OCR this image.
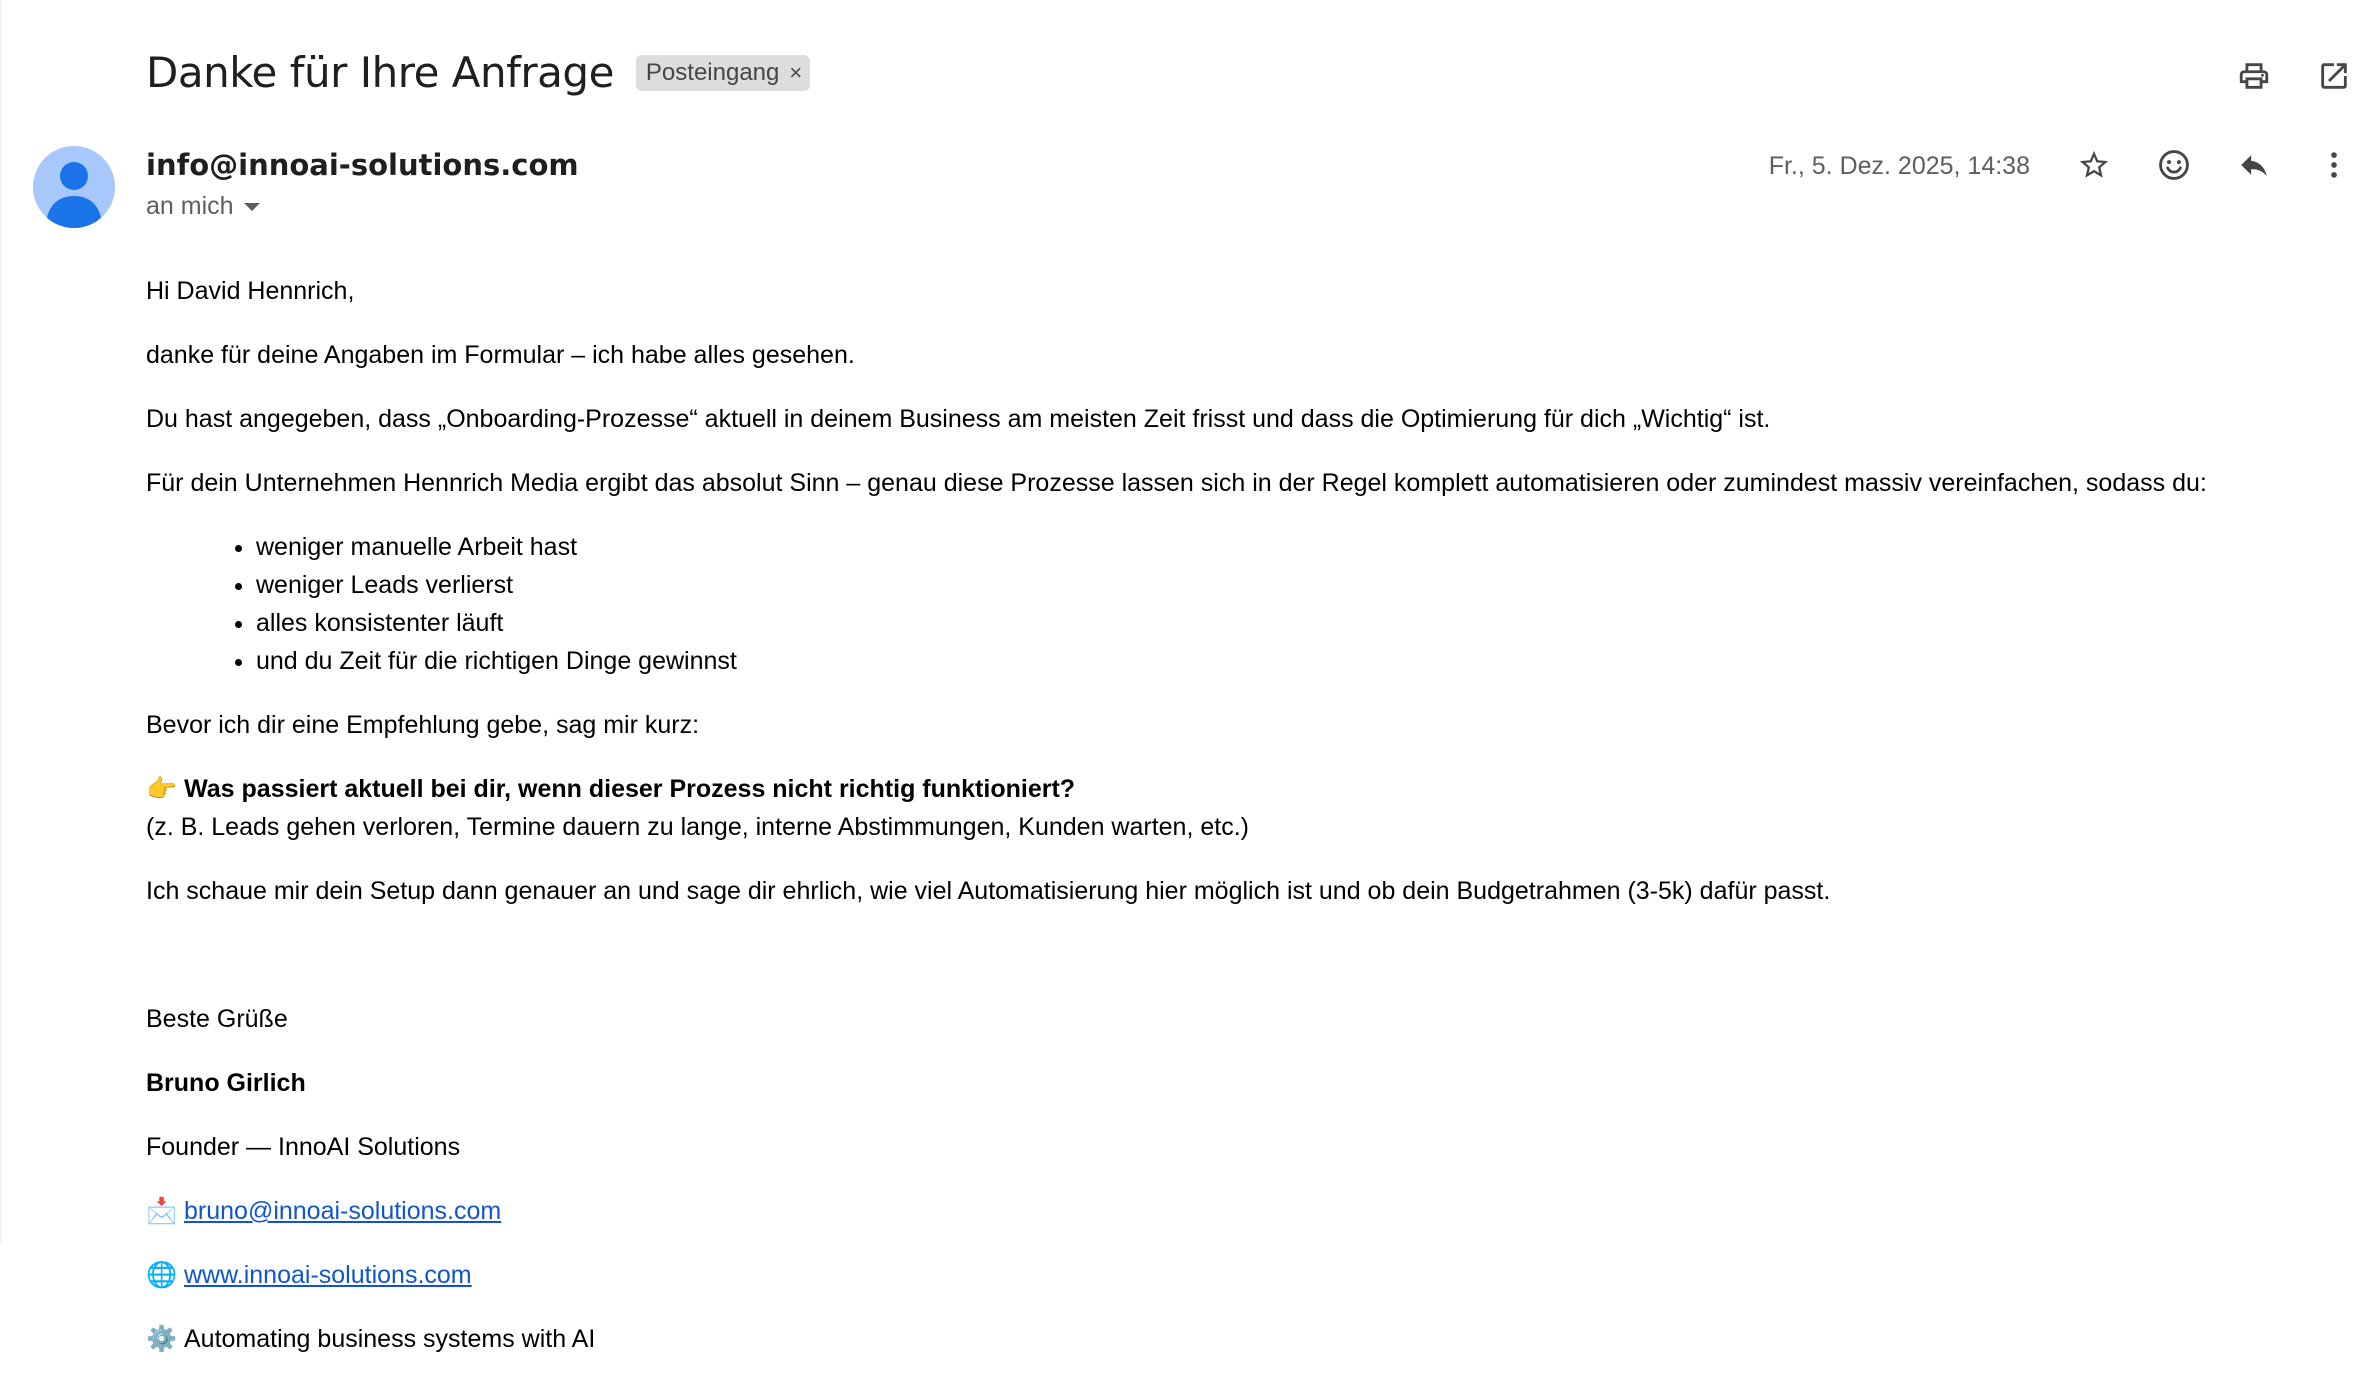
Danke für Ihre Anfrage Posteingang ×
info@innoai-solutions.com
an mich
Fr., 5. Dez. 2025, 14:38

Hi David Hennrich,

danke für deine Angaben im Formular – ich habe alles gesehen.

Du hast angegeben, dass „Onboarding-Prozesse“ aktuell in deinem Business am meisten Zeit frisst und dass die Optimierung für dich „Wichtig“ ist.

Für dein Unternehmen Hennrich Media ergibt das absolut Sinn – genau diese Prozesse lassen sich in der Regel komplett automatisieren oder zumindest massiv vereinfachen, sodass du:

• weniger manuelle Arbeit hast
• weniger Leads verlierst
• alles konsistenter läuft
• und du Zeit für die richtigen Dinge gewinnst

Bevor ich dir eine Empfehlung gebe, sag mir kurz:

👉 Was passiert aktuell bei dir, wenn dieser Prozess nicht richtig funktioniert?
(z. B. Leads gehen verloren, Termine dauern zu lange, interne Abstimmungen, Kunden warten, etc.)

Ich schaue mir dein Setup dann genauer an und sage dir ehrlich, wie viel Automatisierung hier möglich ist und ob dein Budgetrahmen (3-5k) dafür passt.

Beste Grüße

Bruno Girlich

Founder — InnoAI Solutions

📩 bruno@innoai-solutions.com

🌐 www.innoai-solutions.com

⚙️ Automating business systems with AI
